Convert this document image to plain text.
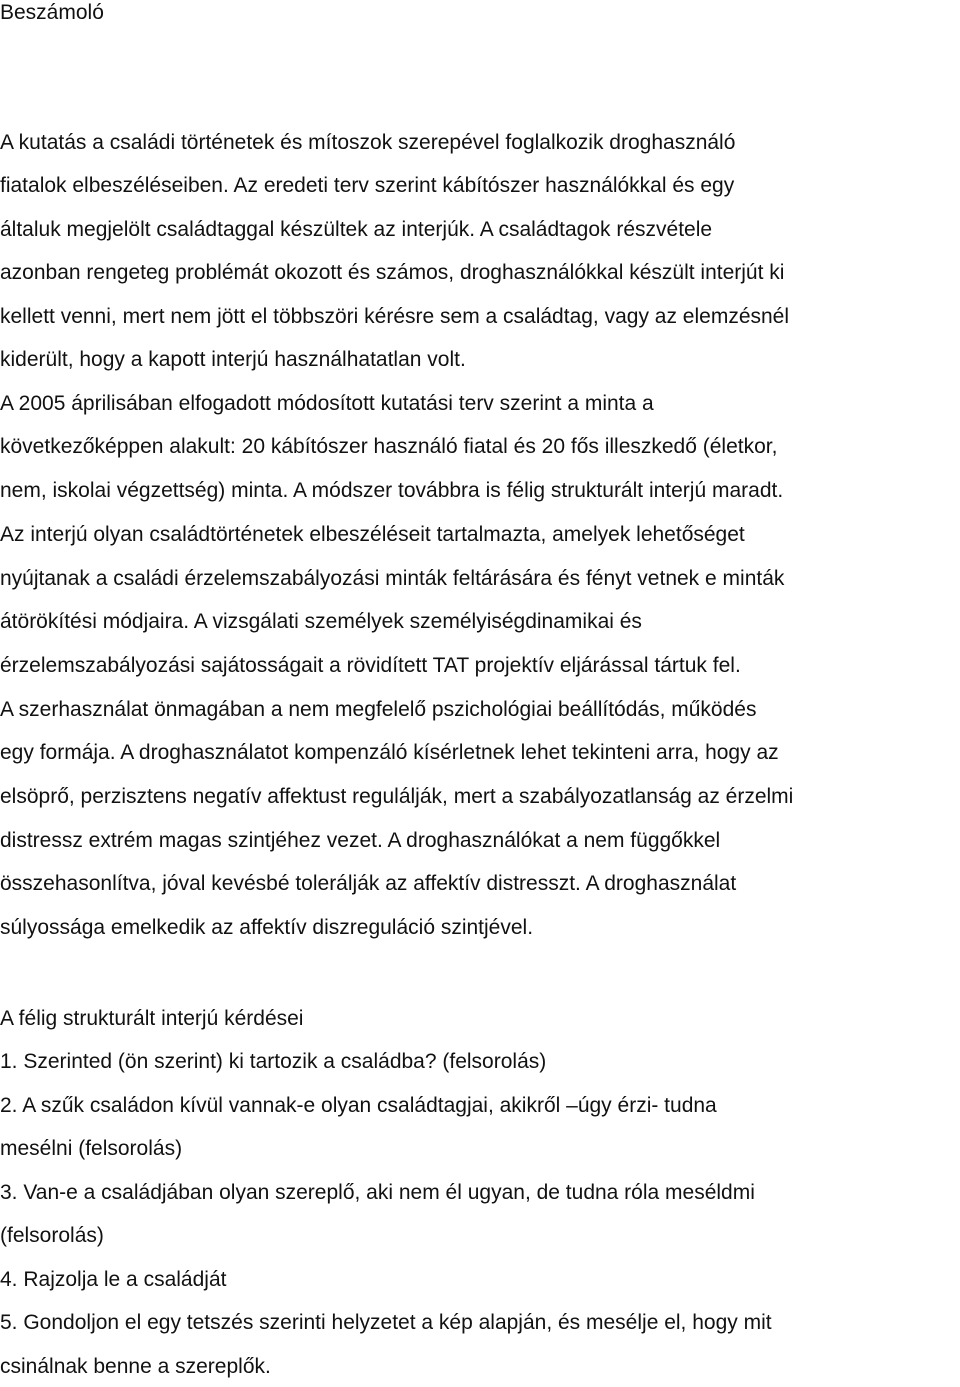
Beszámoló

A kutatás a családi történetek és mítoszok szerepével foglalkozik droghasználó

fiatalok elbeszéléseiben. Az eredeti terv szerint kábítószer használókkal és egy

általuk megjelölt családtaggal készültek az interjúk. A családtagok részvétele

azonban rengeteg problémát okozott és számos, droghasználókkal készült interjút ki

kellett venni, mert nem jött el többszöri kérésre sem a családtag, vagy az elemzésnél

kiderült, hogy a kapott interjú használhatatlan volt.

A 2005 áprilisában elfogadott módosított kutatási terv szerint a minta a

következőképpen alakult: 20 kábítószer használó fiatal és 20 fős illeszkedő (életkor,

nem, iskolai végzettség) minta. A módszer továbbra is félig strukturált interjú maradt.

Az interjú olyan családtörténetek elbeszéléseit tartalmazta, amelyek lehetőséget

nyújtanak a családi érzelemszabályozási minták feltárására és fényt vetnek e minták

átörökítési módjaira. A vizsgálati személyek személyiségdinamikai és

érzelemszabályozási sajátosságait a rövidített TAT projektív eljárással tártuk fel.

A szerhasználat önmagában a nem megfelelő pszichológiai beállítódás, működés

egy formája. A droghasználatot kompenzáló kísérletnek lehet tekinteni arra, hogy az

elsöprő, perzisztens negatív affektust regulálják, mert a szabályozatlanság az érzelmi

distressz extrém magas szintjéhez vezet. A droghasználókat a nem függőkkel

összehasonlítva, jóval kevésbé tolerálják az affektív distresszt. A droghasználat

súlyossága emelkedik az affektív diszreguláció szintjével.

A félig strukturált interjú kérdései

1. Szerinted (ön szerint) ki tartozik a családba? (felsorolás)

2. A szűk családon kívül vannak-e olyan családtagjai, akikről –úgy érzi- tudna

mesélni (felsorolás)

3. Van-e a családjában olyan szereplő, aki nem él ugyan, de tudna róla meséldmi

(felsorolás)

4. Rajzolja le a családját

5. Gondoljon el egy tetszés szerinti helyzetet a kép alapján, és mesélje el, hogy mit

csinálnak benne a szereplők.
